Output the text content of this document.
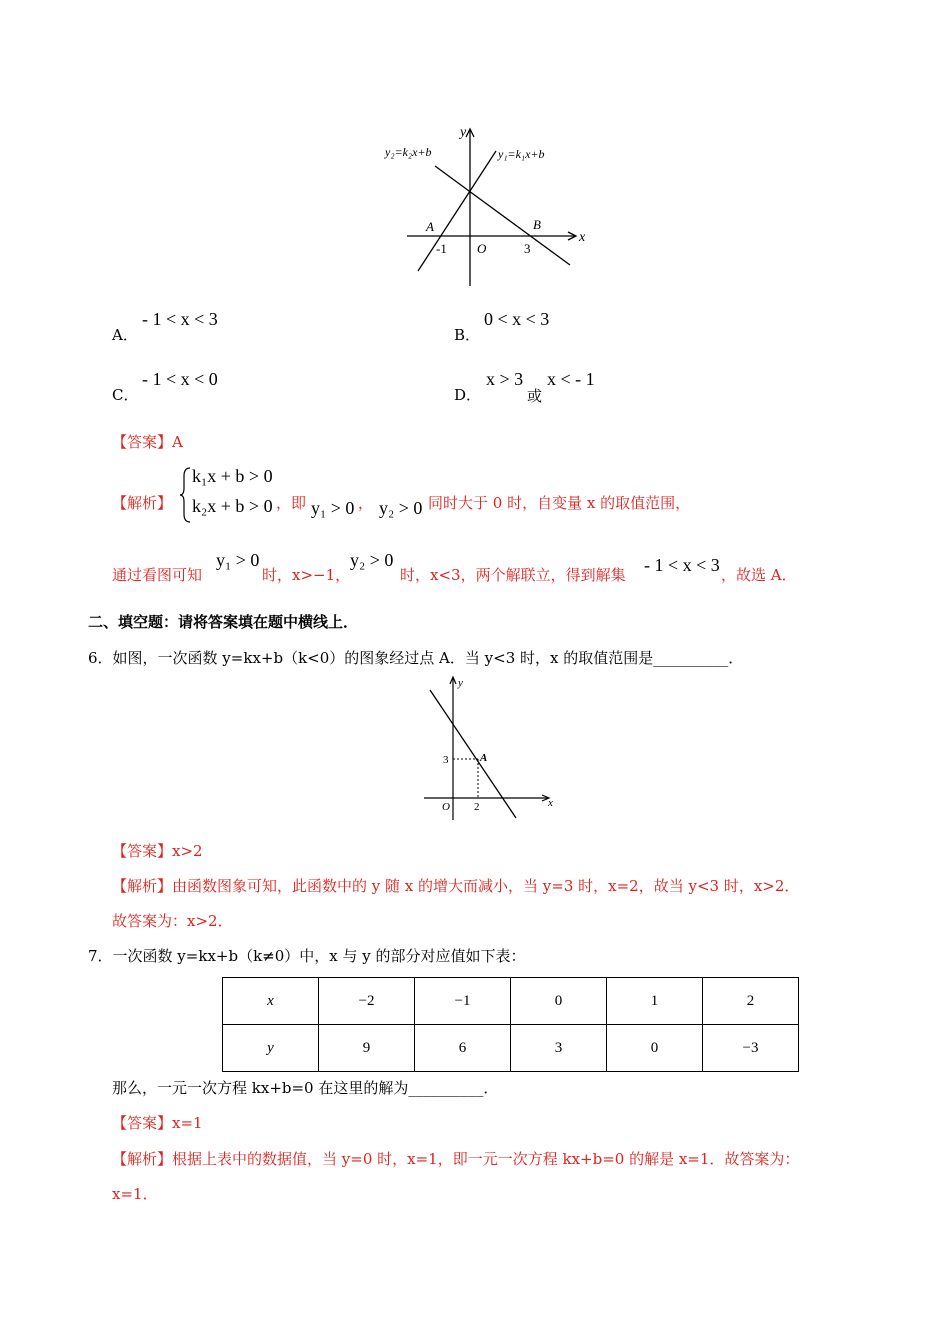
y
x
y₂=k₂x+b	y₁=k₁x+b
A	B
-1 O	3
A．
- 1 < x < 3
B．
0 < x < 3
C．
- 1 < x < 0
D．
x > 3
或
x < - 1
【答案】A
【解析】
k₁x + b > 0
k₂x + b > 0 ，即 y₁ > 0 ， y₂ > 0 同时大于 0 时，自变量 x 的取值范围，
通过看图可知
y₁ > 0
时，x>−1，
y₂ > 0
时，x<3，两个解联立，得到解集 - 1 < x < 3 ，故选 A．
二、填空题：请将答案填在题中横线上．
6．如图，一次函数 y=kx+b（k<0）的图象经过点 A．当 y<3 时，x 的取值范围是__________．
y
x
A
3
2
O
【答案】x>2
【解析】由函数图象可知，此函数中的 y 随 x 的增大而减小，当 y=3 时，x=2，故当 y<3 时，x>2．
故答案为：x>2．
7．一次函数 y=kx+b（k≠0）中，x 与 y 的部分对应值如下表：
x	−2	−1	0	1	2
y	9	6	3	0	−3
那么，一元一次方程 kx+b=0 在这里的解为__________．
【答案】x=1
【解析】根据上表中的数据值，当 y=0 时，x=1，即一元一次方程 kx+b=0 的解是 x=1．故答案为：
x=1．
